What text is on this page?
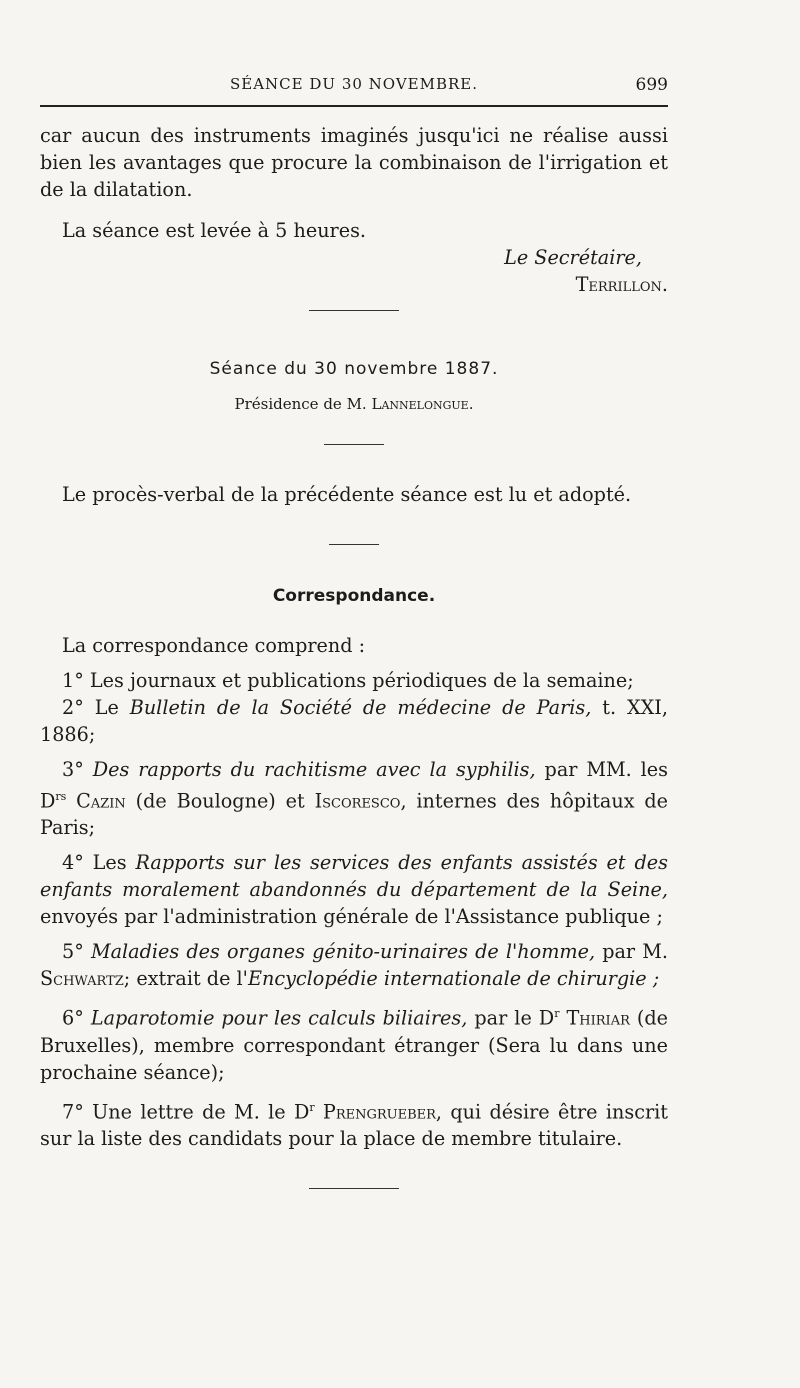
SÉANCE DU 30 NOVEMBRE.	699

car aucun des instruments imaginés jusqu'ici ne réalise aussi bien les avantages que procure la combinaison de l'irrigation et de la dilatation.

La séance est levée à 5 heures.

Le Secrétaire,

Terrillon.

Séance du 30 novembre 1887.

Présidence de M. Lannelongue.

Le procès-verbal de la précédente séance est lu et adopté.

Correspondance.

La correspondance comprend :

1° Les journaux et publications périodiques de la semaine;

2° Le Bulletin de la Société de médecine de Paris, t. XXI, 1886;

3° Des rapports du rachitisme avec la syphilis, par MM. les $D^{rs}$ Cazin (de Boulogne) et Iscoresco, internes des hôpitaux de Paris;

4° Les Rapports sur les services des enfants assistés et des enfants moralement abandonnés du département de la Seine, envoyés par l'administration générale de l'Assistance publique ;

5° Maladies des organes génito-urinaires de l'homme, par M. Schwartz; extrait de l'Encyclopédie internationale de chirurgie ;

6° Laparotomie pour les calculs biliaires, par le $D^r$ Thiriar (de Bruxelles), membre correspondant étranger (Sera lu dans une prochaine séance);

7° Une lettre de M. le $D^r$ Prengrueber, qui désire être inscrit sur la liste des candidats pour la place de membre titulaire.
